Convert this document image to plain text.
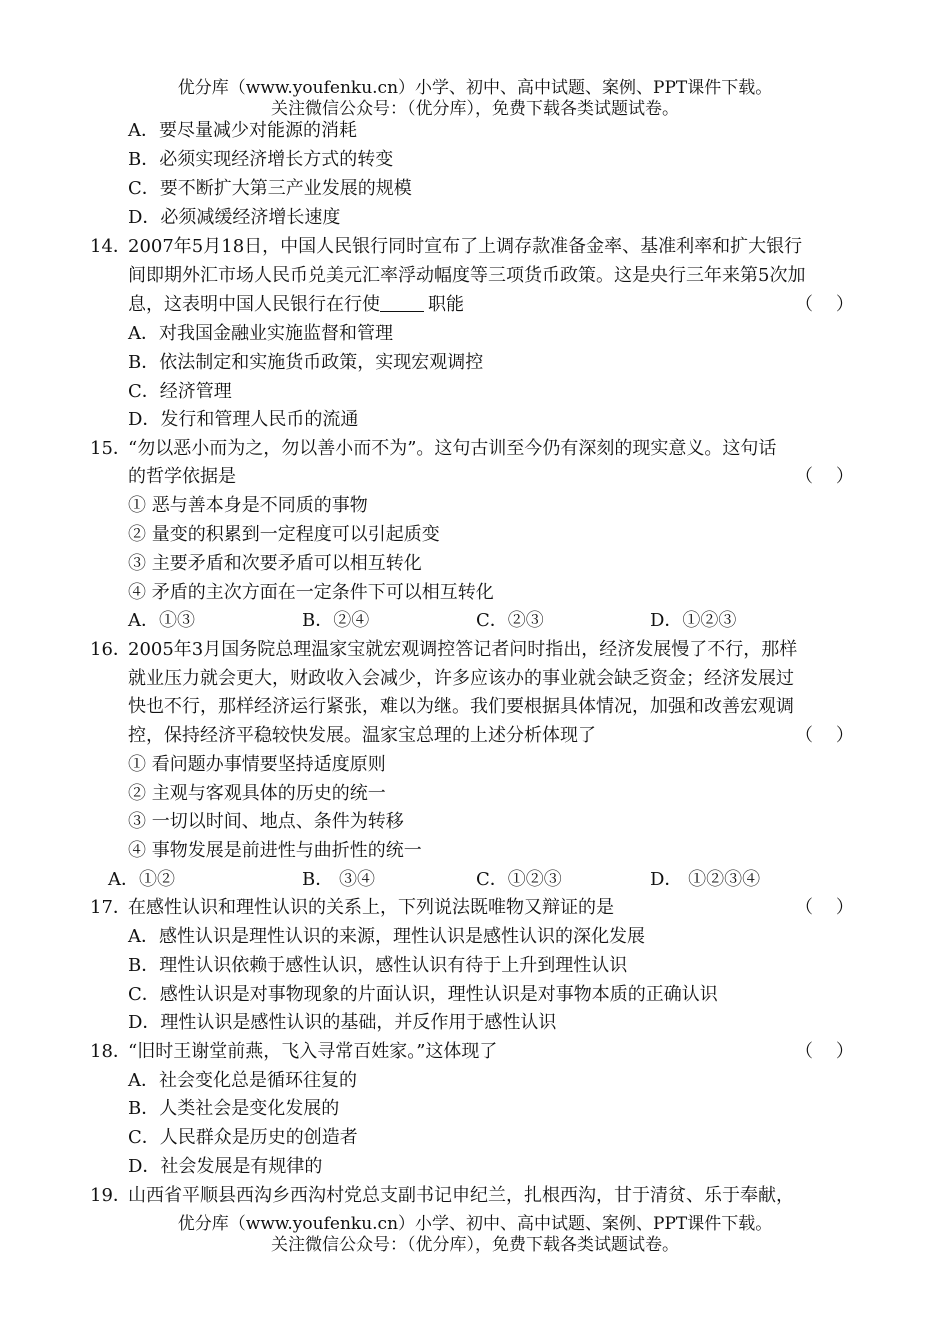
优分库（www.youfenku.cn）小学、初中、高中试题、案例、PPT课件下载。
关注微信公众号：（优分库），免费下载各类试题试卷。
A．要尽量减少对能源的消耗
B．必须实现经济增长方式的转变
C．要不断扩大第三产业发展的规模
D．必须减缓经济增长速度
14．
2007年5月18日，中国人民银行同时宣布了上调存款准备金率、基准利率和扩大银行
间即期外汇市场人民币兑美元汇率浮动幅度等三项货币政策。这是央行三年来第5次加
息，这表明中国人民银行在行使	职能	（    ）
A．对我国金融业实施监督和管理
B．依法制定和实施货币政策，实现宏观调控
C．经济管理
D．发行和管理人民币的流通
15．
“勿以恶小而为之，勿以善小而不为”。这句古训至今仍有深刻的现实意义。这句话
的哲学依据是	（    ）
① 恶与善本身是不同质的事物
② 量变的积累到一定程度可以引起质变
③ 主要矛盾和次要矛盾可以相互转化
④ 矛盾的主次方面在一定条件下可以相互转化
A．①③	B．②④	C．②③	D．①②③
16．
2005年3月国务院总理温家宝就宏观调控答记者问时指出，经济发展慢了不行，那样
就业压力就会更大，财政收入会减少，许多应该办的事业就会缺乏资金；经济发展过
快也不行，那样经济运行紧张，难以为继。我们要根据具体情况，加强和改善宏观调
控，保持经济平稳较快发展。温家宝总理的上述分析体现了	（    ）
① 看问题办事情要坚持适度原则
② 主观与客观具体的历史的统一
③ 一切以时间、地点、条件为转移
④ 事物发展是前进性与曲折性的统一
A．①②	B． ③④	C．①②③	D． ①②③④
17．
在感性认识和理性认识的关系上，下列说法既唯物又辩证的是	（    ）
A．感性认识是理性认识的来源，理性认识是感性认识的深化发展
B．理性认识依赖于感性认识，感性认识有待于上升到理性认识
C．感性认识是对事物现象的片面认识，理性认识是对事物本质的正确认识
D．理性认识是感性认识的基础，并反作用于感性认识
18．
“旧时王谢堂前燕，飞入寻常百姓家。”这体现了	（    ）
A．社会变化总是循环往复的
B．人类社会是变化发展的
C．人民群众是历史的创造者
D．社会发展是有规律的
19．
山西省平顺县西沟乡西沟村党总支副书记申纪兰，扎根西沟，甘于清贫、乐于奉献，
优分库（www.youfenku.cn）小学、初中、高中试题、案例、PPT课件下载。
关注微信公众号：（优分库），免费下载各类试题试卷。
